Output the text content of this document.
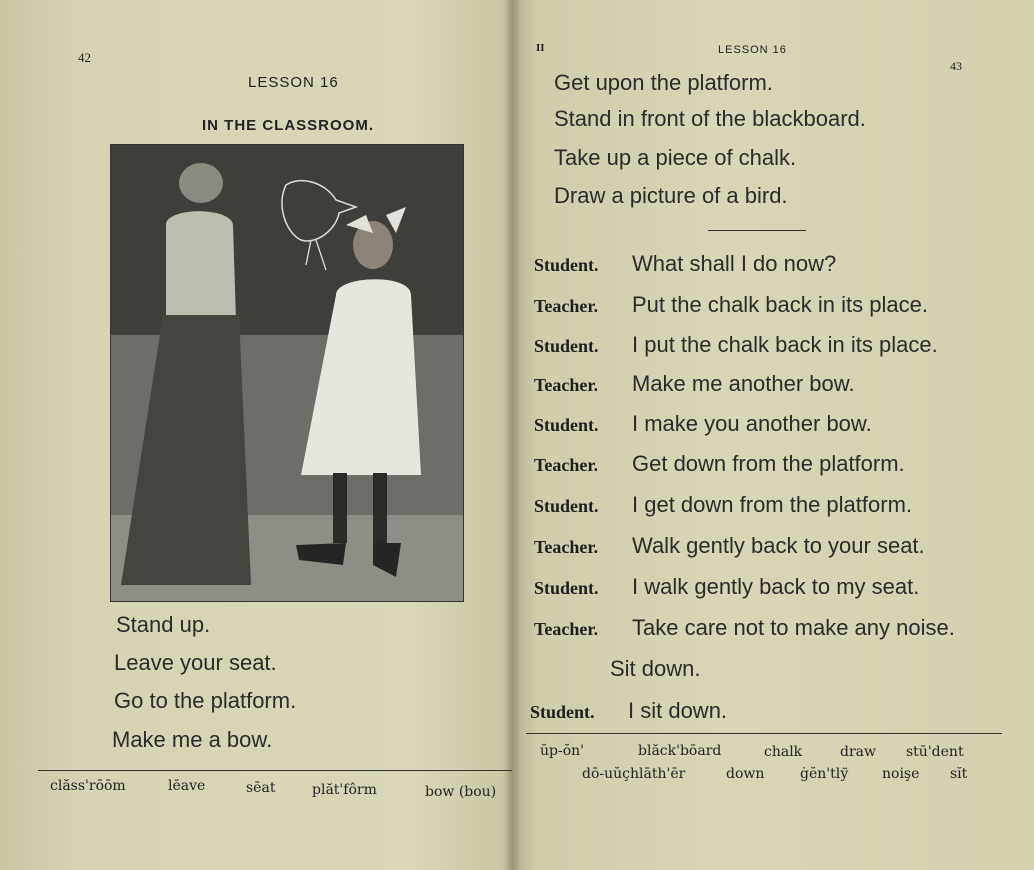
42
LESSON 16
IN THE CLASSROOM.
Stand up.
Leave your seat.
Go to the platform.
Make me a bow.
clăss'rōōm	lēave	sēat	plăt'fôrm	bow (bou)
II	LESSON 16
43
Get upon the platform.
Stand in front of the blackboard.
Take up a piece of chalk.
Draw a picture of a bird.
Student. What shall I do now?
Teacher. Put the chalk back in its place.
Student. I put the chalk back in its place.
Teacher. Make me another bow.
Student. I make you another bow.
Teacher. Get down from the platform.
Student. I get down from the platform.
Teacher. Walk gently back to your seat.
Student. I walk gently back to my seat.
Teacher. Take care not to make any noise.
Sit down.
Student. I sit down.
ŭp-ŏn'	blăck'bōard	chalk	draw stū'dent
dō-uŭçhlāth'ēr	down	ġĕn'tlў noişe sĭt
